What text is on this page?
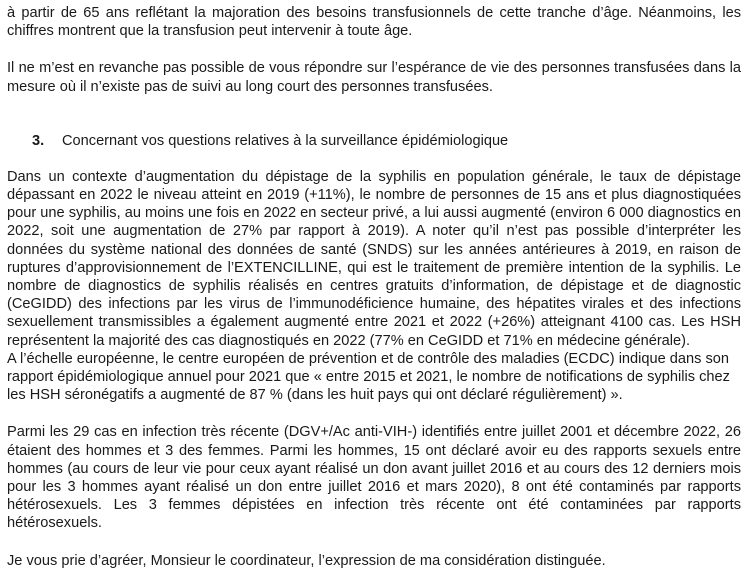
à partir de 65 ans reflétant la majoration des besoins transfusionnels de cette tranche d’âge. Néanmoins, les chiffres montrent que la transfusion peut intervenir à toute âge.

Il ne m’est en revanche pas possible de vous répondre sur l’espérance de vie des personnes transfusées dans la mesure où il n’existe pas de suivi au long court des personnes transfusées.

3.	Concernant vos questions relatives à la surveillance épidémiologique

Dans un contexte d’augmentation du dépistage de la syphilis en population générale, le taux de dépistage dépassant en 2022 le niveau atteint en 2019 (+11%), le nombre de personnes de 15 ans et plus diagnostiquées pour une syphilis, au moins une fois en 2022 en secteur privé, a lui aussi augmenté (environ 6 000 diagnostics en 2022, soit une augmentation de 27% par rapport à 2019). A noter qu’il n’est pas possible d’interpréter les données du système national des données de santé (SNDS) sur les années antérieures à 2019, en raison de ruptures d’approvisionnement de l’EXTENCILLINE, qui est le traitement de première intention de la syphilis. Le nombre de diagnostics de syphilis réalisés en centres gratuits d’information, de dépistage et de diagnostic (CeGIDD) des infections par les virus de l’immunodéficience humaine, des hépatites virales et des infections sexuellement transmissibles a également augmenté entre 2021 et 2022 (+26%) atteignant 4100 cas. Les HSH représentent la majorité des cas diagnostiqués en 2022 (77% en CeGIDD et 71% en médecine générale).

A l’échelle européenne, le centre européen de prévention et de contrôle des maladies (ECDC) indique dans son rapport épidémiologique annuel pour 2021 que « entre 2015 et 2021, le nombre de notifications de syphilis chez les HSH séronégatifs a augmenté de 87 % (dans les huit pays qui ont déclaré régulièrement) ».

Parmi les 29 cas en infection très récente (DGV+/Ac anti-VIH-) identifiés entre juillet 2001 et décembre 2022, 26 étaient des hommes et 3 des femmes. Parmi les hommes, 15 ont déclaré avoir eu des rapports sexuels entre hommes (au cours de leur vie pour ceux ayant réalisé un don avant juillet 2016 et au cours des 12 derniers mois pour les 3 hommes ayant réalisé un don entre juillet 2016 et mars 2020), 8 ont été contaminés par rapports hétérosexuels. Les 3 femmes dépistées en infection très récente ont été contaminées par rapports hétérosexuels.

Je vous prie d’agréer, Monsieur le coordinateur, l’expression de ma considération distinguée.
